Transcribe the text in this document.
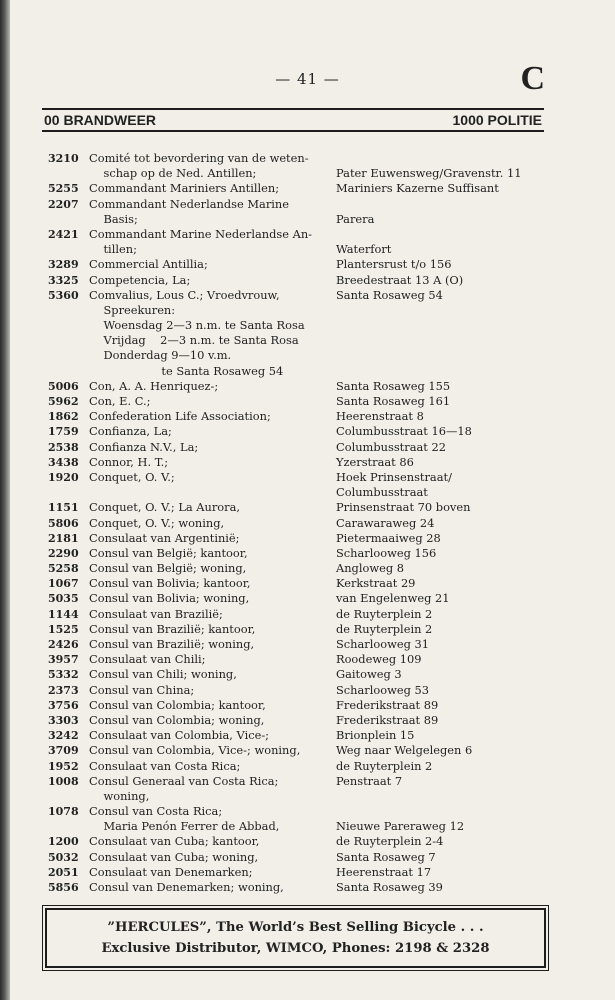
— 41 —	C
00 BRANDWEER	1000 POLITIE
3210 Comité tot bevordering van de weten-
schap op de Ned. Antillen;	Pater Euwensweg/Gravenstr. 11
5255 Commandant Mariniers Antillen;	Mariniers Kazerne Suffisant
2207 Commandant Nederlandse Marine
Basis;	Parera
2421 Commandant Marine Nederlandse An-
tillen;	Waterfort
3289 Commercial Antillia;	Plantersrust t/o 156
3325 Competencia, La;	Breedestraat 13 A (O)
5360 Comvalius, Lous C.; Vroedvrouw,	Santa Rosaweg 54
Spreekuren:
Woensdag 2—3 n.m. te Santa Rosa
Vrijdag    2—3 n.m. te Santa Rosa
Donderdag 9—10 v.m.
te Santa Rosaweg 54
5006 Con, A. A. Henriquez-;	Santa Rosaweg 155
5962 Con, E. C.;	Santa Rosaweg 161
1862 Confederation Life Association;	Heerenstraat 8
1759 Confianza, La;	Columbusstraat 16—18
2538 Confianza N.V., La;	Columbusstraat 22
3438 Connor, H. T.;	Yzerstraat 86
1920 Conquet, O. V.;	Hoek Prinsenstraat/
Columbusstraat
1151 Conquet, O. V.; La Aurora,	Prinsenstraat 70 boven
5806 Conquet, O. V.; woning,	Carawaraweg 24
2181 Consulaat van Argentinië;	Pietermaaiweg 28
2290 Consul van België; kantoor,	Scharlooweg 156
5258 Consul van België; woning,	Angloweg 8
1067 Consul van Bolivia; kantoor,	Kerkstraat 29
5035 Consul van Bolivia; woning,	van Engelenweg 21
1144 Consulaat van Brazilië;	de Ruyterplein 2
1525 Consul van Brazilië; kantoor,	de Ruyterplein 2
2426 Consul van Brazilië; woning,	Scharlooweg 31
3957 Consulaat van Chili;	Roodeweg 109
5332 Consul van Chili; woning,	Gaitoweg 3
2373 Consul van China;	Scharlooweg 53
3756 Consul van Colombia; kantoor,	Frederikstraat 89
3303 Consul van Colombia; woning,	Frederikstraat 89
3242 Consulaat van Colombia, Vice-;	Brionplein 15
3709 Consul van Colombia, Vice-; woning,	Weg naar Welgelegen 6
1952 Consulaat van Costa Rica;	de Ruyterplein 2
1008 Consul Generaal van Costa Rica;	Penstraat 7
woning,
1078 Consul van Costa Rica;
Maria Penón Ferrer de Abbad,	Nieuwe Pareraweg 12
1200 Consulaat van Cuba; kantoor,	de Ruyterplein 2-4
5032 Consulaat van Cuba; woning,	Santa Rosaweg 7
2051 Consulaat van Denemarken;	Heerenstraat 17
5856 Consul van Denemarken; woning,	Santa Rosaweg 39
”HERCULES”, The World’s Best Selling Bicycle . . .
Exclusive Distributor, WIMCO, Phones: 2198 & 2328
